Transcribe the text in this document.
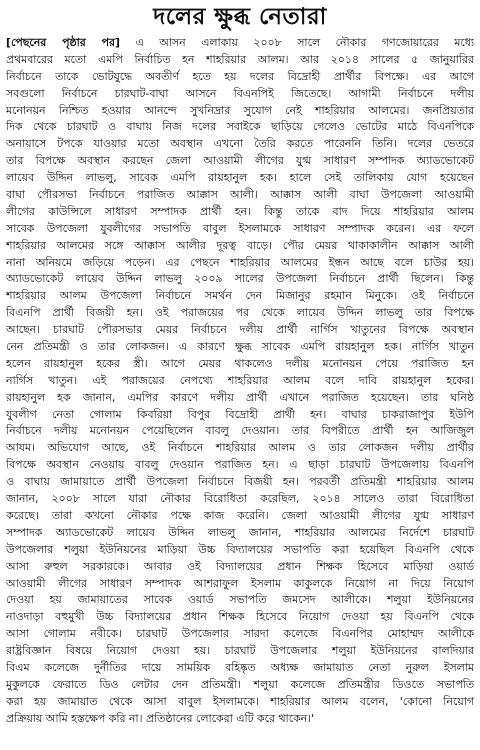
দলের ক্ষুব্ধ নেতারা
[পেছনের পৃষ্ঠার পর] এ আসন এলাকায় ২০০৮ সালে নৌকার গণজোয়ারের মধ্যে
প্রথমবারের মতো এমপি নির্বাচিত হন শাহরিয়ার আলম। আর ২০১৪ সালের ৫ জানুয়ারির
নির্বাচনে তাকে ভোটযুদ্ধে অবতীর্ণ হতে হয় দলের বিদ্রোহী প্রার্থীর বিপক্ষে। এর আগে
সবগুলো নির্বাচনে চারঘাট-বাঘা আসনে বিএনপিই জিতেছে। আগামী নির্বাচনে দলীয়
মনোনয়ন নিশ্চিত হওয়ার আনন্দে সুখনিদ্রার সুযোগ নেই শাহরিয়ার আলমের। জনপ্রিয়তার
দিক থেকে চারঘাট ও বাঘায় নিজ দলের সবাইকে ছাড়িয়ে গেলেও ভোটের মাঠে বিএনপিকে
অনায়াসে টপকে যাওয়ার মতো অবস্থান এখনো তৈরি করতে পারেননি তিনি। দলের ভেতরে
তার বিপক্ষে অবস্থান করছেন জেলা আওয়ামী লীগের যুগ্ম সাধারণ সম্পাদক অ্যাডভোকেট
লায়েব উদ্দিন লাভলু, সাবেক এমপি রায়হানুল হক। হালে সেই তালিকায় যোগ হয়েছেন
বাঘা পৌরসভা নির্বাচনে পরাজিত আক্কাস আলী। আক্কাস আলী বাঘা উপজেলা আওয়ামী
লীগের কাউন্সিলে সাধারণ সম্পাদক প্রার্থী হন। কিন্তু তাকে বাদ দিয়ে শাহরিয়ার আলম
সাবেক উপজেলা যুবলীগের সভাপতি বাবুল ইসলামকে সাধারণ সম্পাদক করেন। এর ফলে
শাহরিয়ার আলমের সঙ্গে আক্কাস আলীর দূরত্ব বাড়ে। পৌর মেয়র থাকাকালীন আক্কাস আলী
নানা অনিয়মে জড়িয়ে পড়েন। এর পেছনে শাহরিয়ার আলমের ইন্ধন আছে বলে চাউর হয়।
অ্যাডভোকেট লায়েব উদ্দিন লাভলু ২০০৯ সালের উপজেলা নির্বাচনে প্রার্থী ছিলেন। কিন্তু
শাহরিয়ার আলম উপজেলা নির্বাচনে সমর্থন দেন মিজানুর রহমান মিনুকে। ওই নির্বাচনে
বিএনপি প্রার্থী বিজয়ী হন। ওই পরাজয়ের পর থেকে লায়েব উদ্দিন লাভলু তার বিপক্ষে
আছেন। চারঘাট পৌরসভার মেয়র নির্বাচনে দলীয় প্রার্থী নার্গিস খাতুনের বিপক্ষে অবস্থান
নেন প্রতিমন্ত্রী ও তার লোকজন। এ কারণে ক্ষুব্ধ সাবেক এমপি রায়হানুল হক। নার্গিস খাতুন
হলেন রায়হানুল হকের স্ত্রী। আগে মেয়র থাকলেও দলীয় মনোনয়ন পেয়ে পরাজিত হন
নার্গিস খাতুন। এই পরাজয়ের নেপথ্যে শাহরিয়ার আলম বলে দাবি রায়হানুল হকের।
রায়হানুল হক জানান, এমপির কারণে দলীয় প্রার্থী এখানে পরাজিত হয়েছেন। তার ঘনিষ্ঠ
যুবলীগ নেতা গোলাম কিবরিয়া বিপুর বিদ্রোহী প্রার্থী হন। বাঘার চাকরাজাপুর ইউপি
নির্বাচনে দলীয় মনোনয়ন পেয়েছিলেন বাবলু দেওয়ান। তার বিপরীতে প্রার্থী হন আজিজুল
আযম। অভিযোগ আছে, ওই নির্বাচনে শাহরিয়ার আলম ও তার লোকজন দলীয় প্রার্থীর
বিপক্ষে অবস্থান নেওয়ায় বাবলু দেওয়ান পরাজিত হন। এ ছাড়া চারঘাট উপজেলায় বিএনপি
ও বাঘায় জামায়াতে প্রার্থী উপজেলা নির্বাচনে বিজয়ী হন। পরবর্তী প্রতিমন্ত্রী শাহরিয়ার আলম
জানান, ২০০৮ সালে যারা নৌকার বিরোধিতা করেছিল, ২০১৪ সালেও তারা বিরোধিতা
করেছে। তারা কখনো নৌকার পক্ষে কাজ করেনি। জেলা আওয়ামী লীগের যুগ্ম সাধারণ
সম্পাদক অ্যাডভোকেট লায়েব উদ্দিন লাভলু জানান, শাহরিয়ার আলমের নির্দেশে চারঘাট
উপজেলার শলুয়া ইউনিয়নের মাড়িয়া উচ্চ বিদ্যালয়ের সভাপতি করা হয়েছিল বিএনপি থেকে
আসা রুহুল সরকারকে। আবার ওই বিদ্যালয়ের প্রধান শিক্ষক হিসেবে মাড়িয়া ওয়ার্ড
আওয়ামী লীগের সাধারণ সম্পাদক আশরাফুল ইসলাম কাকুলকে নিয়োগ না দিয়ে নিয়োগ
দেওয়া হয় জামায়াতের সাবেক ওয়ার্ড সভাপতি জমসেদ আলীকে। শলুয়া ইউনিয়নের
নাওদাড়া বহুমুখী উচ্চ বিদ্যালয়ের প্রধান শিক্ষক হিসেবে নিয়োগ দেওয়া হয় বিএনপি থেকে
আসা গোলাম নবীকে। চারঘাট উপজেলার সারদা কলেজে বিএনপির মোহাম্মদ আলীকে
রাষ্ট্রবিজ্ঞান বিষয়ে নিয়োগ দেওয়া হয়। চারঘাট উপজেলার শলুয়া ইউনিয়নের বালদিয়ার
বিএম কলেজে দুর্নীতির দায়ে সাময়িক বহিষ্কৃত অধ্যক্ষ জামায়াত নেতা নুরুল ইসলাম
মুকুলকে ফেরাতে ডিও লেটার দেন প্রতিমন্ত্রী। শলুয়া কলেজে প্রতিমন্ত্রীর ডিওতে সভাপতি
করা হয় জামায়াত থেকে আসা বাবুল ইসলামকে। শাহরিয়ার আলম বলেন, 'কোনো নিয়োগ
প্রক্রিয়ায় আমি হস্তক্ষেপ করি না। প্রতিষ্ঠানের লোকেরা এটি করে থাকেন।'
